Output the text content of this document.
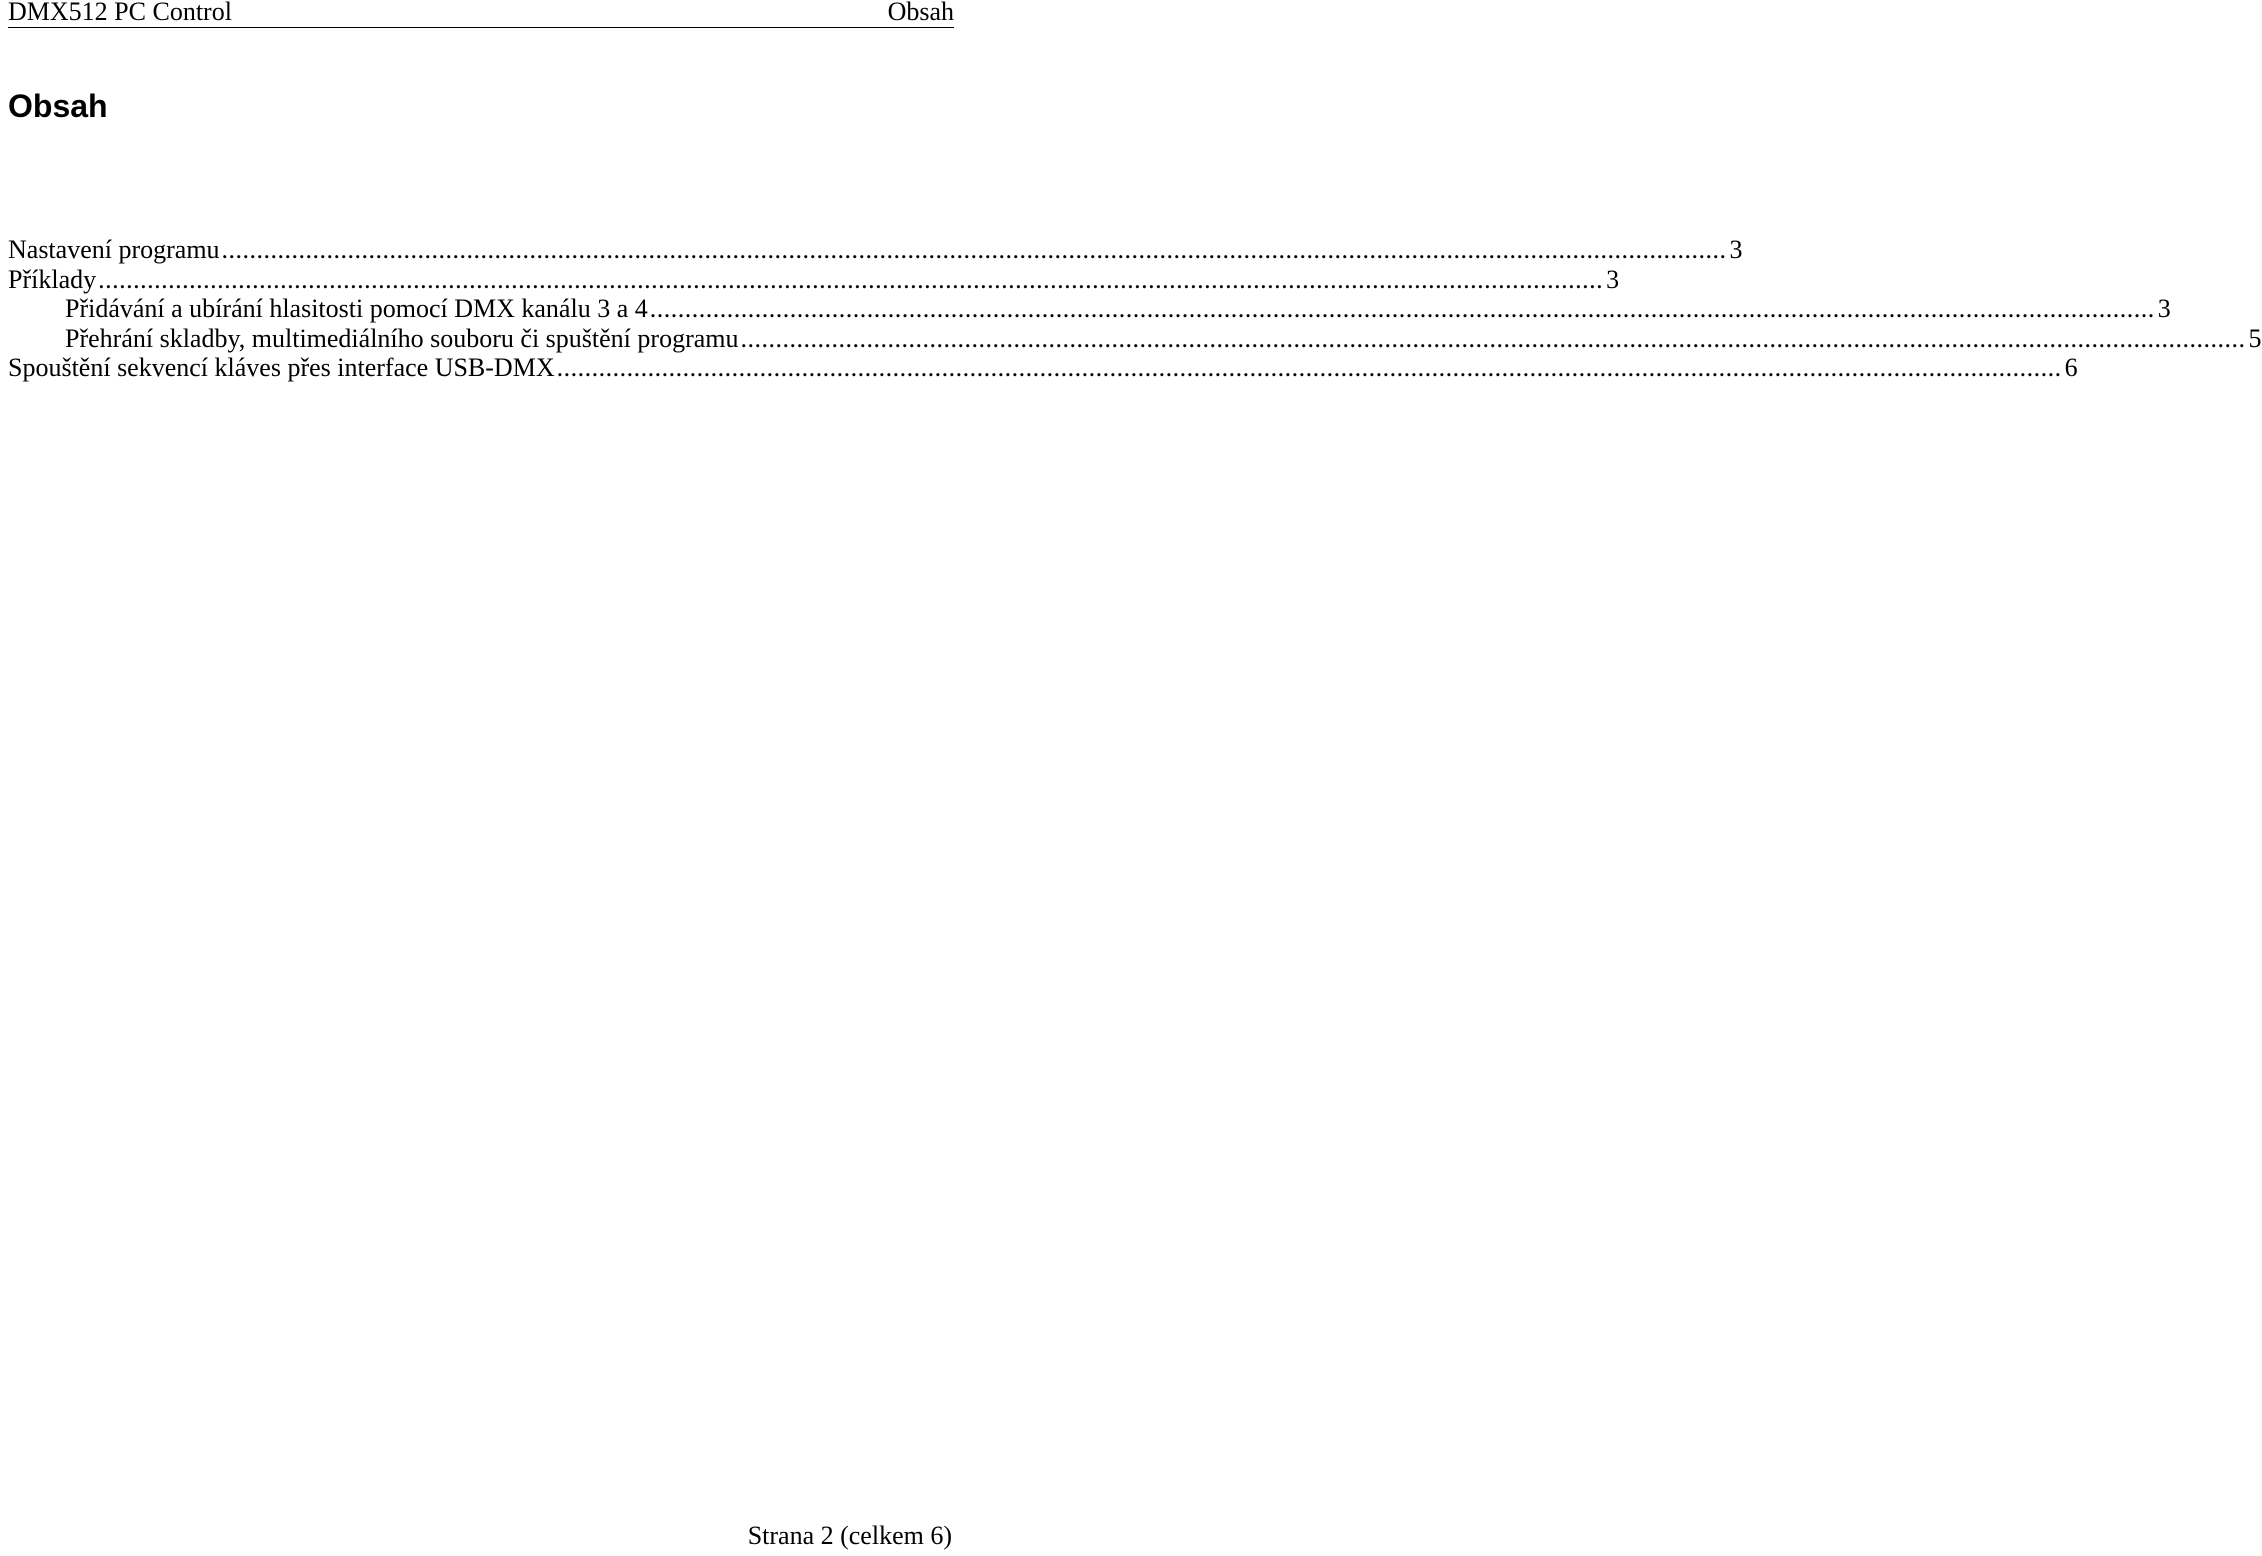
DMX512 PC Control	Obsah
Obsah
Nastavení programu .....	3
Příklady .....	3
Přidávání a ubírání hlasitosti pomocí DMX kanálu 3 a 4 .....	3
Přehrání skladby, multimediálního souboru či spuštění programu .....	5
Spouštění sekvencí kláves přes interface USB-DMX .....	6
Strana 2 (celkem 6)
